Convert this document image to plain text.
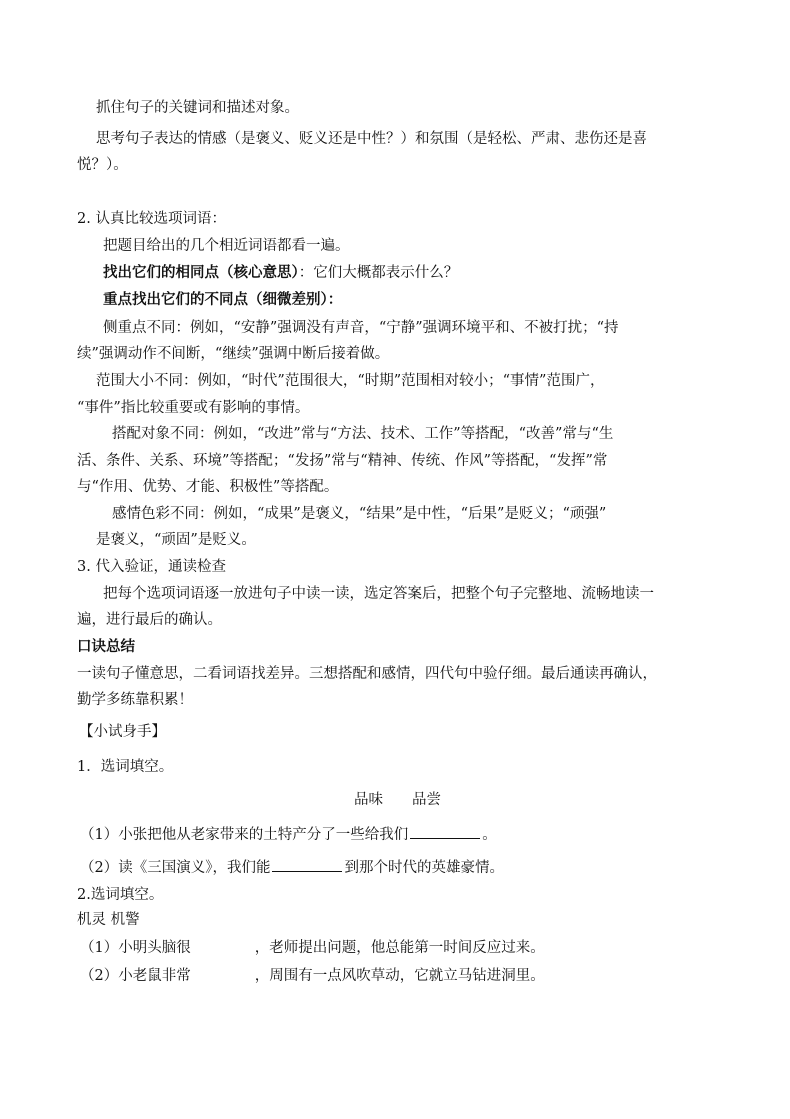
抓住句子的关键词和描述对象。
思考句子表达的情感（是褒义、贬义还是中性？）和氛围（是轻松、严肃、悲伤还是喜
悦？）。
2. 认真比较选项词语：
把题目给出的几个相近词语都看一遍。
找出它们的相同点（核心意思）：它们大概都表示什么？
重点找出它们的不同点（细微差别）：
侧重点不同：例如，“安静”强调没有声音，“宁静”强调环境平和、不被打扰；“持
续”强调动作不间断，“继续”强调中断后接着做。
范围大小不同：例如，“时代”范围很大，“时期”范围相对较小；“事情”范围广，
“事件”指比较重要或有影响的事情。
搭配对象不同：例如，“改进”常与“方法、技术、工作”等搭配，“改善”常与“生
活、条件、关系、环境”等搭配；“发扬”常与“精神、传统、作风”等搭配，“发挥”常
与“作用、优势、才能、积极性”等搭配。
感情色彩不同：例如，“成果”是褒义，“结果”是中性，“后果”是贬义；“顽强”
是褒义，“顽固”是贬义。
3. 代入验证，通读检查
把每个选项词语逐一放进句子中读一读，选定答案后，把整个句子完整地、流畅地读一
遍，进行最后的确认。
口诀总结
一读句子懂意思，二看词语找差异。三想搭配和感情，四代句中验仔细。最后通读再确认，
勤学多练靠积累！
【小试身手】
1．选词填空。
品味　　品尝
（1）小张把他从老家带来的土特产分了一些给我们	。
（2）读《三国演义》，我们能	到那个时代的英雄豪情。
2.选词填空。
机灵 机警
（1）小明头脑很	，老师提出问题，他总能第一时间反应过来。
（2）小老鼠非常	，周围有一点风吹草动，它就立马钻进洞里。
